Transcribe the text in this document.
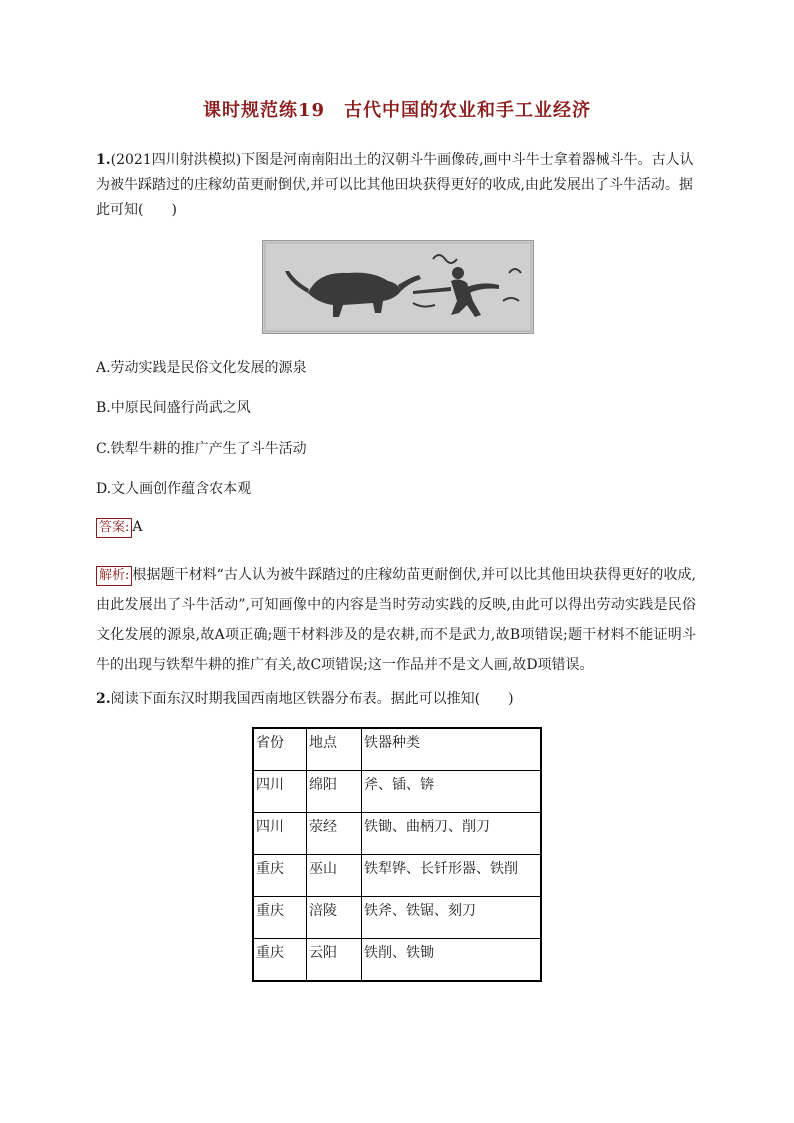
课时规范练19　古代中国的农业和手工业经济
1.(2021四川射洪模拟)下图是河南南阳出土的汉朝斗牛画像砖,画中斗牛士拿着器械斗牛。古人认为被牛踩踏过的庄稼幼苗更耐倒伏,并可以比其他田块获得更好的收成,由此发展出了斗牛活动。据此可知(　　)
A.劳动实践是民俗文化发展的源泉
B.中原民间盛行尚武之风
C.铁犁牛耕的推广产生了斗牛活动
D.文人画创作蕴含农本观
答案: A
解析: 根据题干材料“古人认为被牛踩踏过的庄稼幼苗更耐倒伏,并可以比其他田块获得更好的收成,由此发展出了斗牛活动”,可知画像中的内容是当时劳动实践的反映,由此可以得出劳动实践是民俗文化发展的源泉,故A项正确;题干材料涉及的是农耕,而不是武力,故B项错误;题干材料不能证明斗牛的出现与铁犁牛耕的推广有关,故C项错误;这一作品并不是文人画,故D项错误。
2.阅读下面东汉时期我国西南地区铁器分布表。据此可以推知(　　)
省份	地点	铁器种类
四川	绵阳	斧、锸、锛
四川	荥经	铁锄、曲柄刀、削刀
重庆	巫山	铁犁铧、长钎形器、铁削
重庆	涪陵	铁斧、铁锯、刻刀
重庆	云阳	铁削、铁锄
